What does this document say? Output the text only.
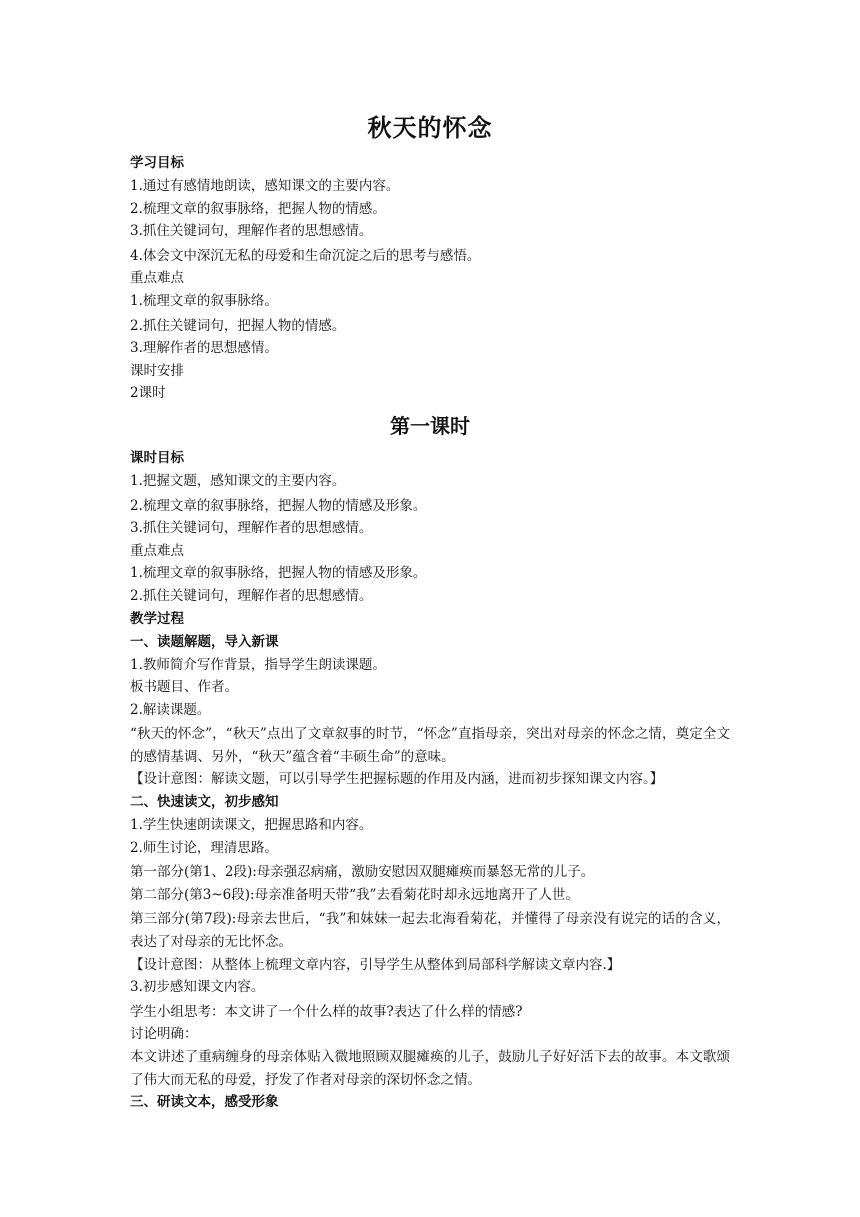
秋天的怀念

学习目标

1.通过有感情地朗读，感知课文的主要内容。

2.梳理文章的叙事脉络，把握人物的情感。

3.抓住关键词句，理解作者的思想感情。

4.体会文中深沉无私的母爱和生命沉淀之后的思考与感悟。

重点难点

1.梳理文章的叙事脉络。

2.抓住关键词句，把握人物的情感。

3.理解作者的思想感情。

课时安排

2课时

第一课时

课时目标

1.把握文题，感知课文的主要内容。

2.梳理文章的叙事脉络，把握人物的情感及形象。

3.抓住关键词句，理解作者的思想感情。

重点难点

1.梳理文章的叙事脉络，把握人物的情感及形象。

2.抓住关键词句，理解作者的思想感情。

教学过程

一、读题解题，导入新课

1.教师简介写作背景，指导学生朗读课题。

板书题目、作者。

2.解读课题。

“秋天的怀念”，“秋天”点出了文章叙事的时节，“怀念”直指母亲，突出对母亲的怀念之情，奠定全文的感情基调、另外，“秋天”蕴含着“丰硕生命”的意味。

【设计意图：解读文题，可以引导学生把握标题的作用及内涵，进而初步探知课文内容。】

二、快速读文，初步感知

1.学生快速朗读课文，把握思路和内容。

2.师生讨论，理清思路。

第一部分(第1、2段):母亲强忍病痛，激励安慰因双腿瘫痪而暴怒无常的儿子。

第二部分(第3~6段):母亲准备明天带“我”去看菊花时却永远地离开了人世。

第三部分(第7段):母亲去世后，“我”和妹妹一起去北海看菊花，并懂得了母亲没有说完的话的含义，表达了对母亲的无比怀念。

【设计意图：从整体上梳理文章内容，引导学生从整体到局部科学解读文章内容.】

3.初步感知课文内容。

学生小组思考：本文讲了一个什么样的故事?表达了什么样的情感?

讨论明确：

本文讲述了重病缠身的母亲体贴入微地照顾双腿瘫痪的儿子，鼓励儿子好好活下去的故事。本文歌颂了伟大而无私的母爱，抒发了作者对母亲的深切怀念之情。

三、研读文本，感受形象
